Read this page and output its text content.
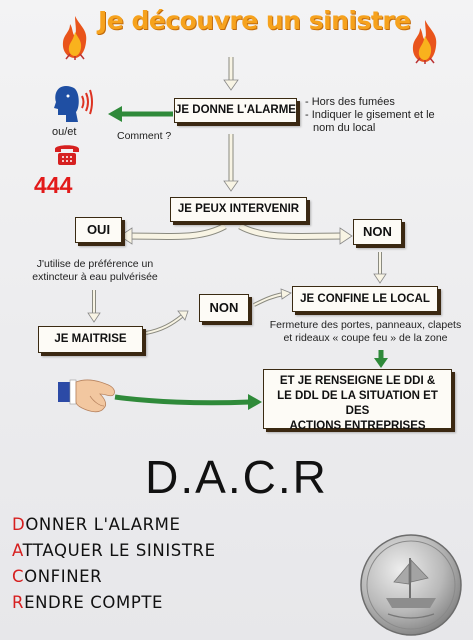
Je découvre un sinistre
ou/et
444
JE DONNE L'ALARME
Comment ?
- Hors des fumées
- Indiquer le gisement et le
nom du local
JE PEUX INTERVENIR
OUI	NON
J'utilise de préférence un
extincteur à eau pulvérisée
JE MAITRISE
NON
JE CONFINE LE LOCAL
Fermeture des portes, panneaux, clapets
et rideaux « coupe feu » de la zone
ET JE RENSEIGNE LE DDI &
LE DDL DE LA SITUATION ET DES
ACTIONS ENTREPRISES
D.A.C.R
DONNER L'ALARME
ATTAQUER LE SINISTRE
CONFINER
RENDRE COMPTE
